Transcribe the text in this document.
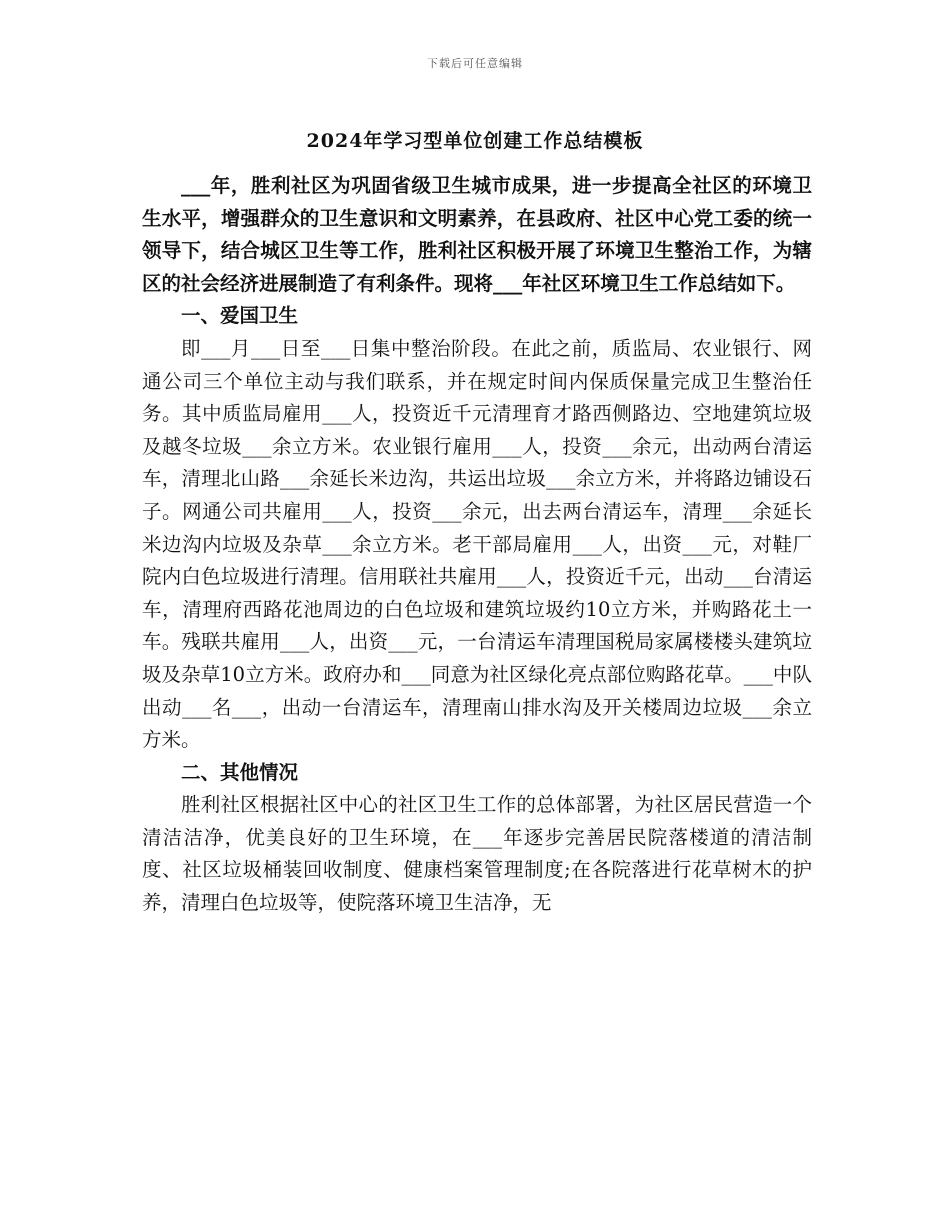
下载后可任意编辑
2024年学习型单位创建工作总结模板

___年，胜利社区为巩固省级卫生城市成果，进一步提高全社区的环境卫生水平，增强群众的卫生意识和文明素养，在县政府、社区中心党工委的统一领导下，结合城区卫生等工作，胜利社区积极开展了环境卫生整治工作，为辖区的社会经济进展制造了有利条件。现将___年社区环境卫生工作总结如下。

一、爱国卫生

即___月___日至___日集中整治阶段。在此之前，质监局、农业银行、网通公司三个单位主动与我们联系，并在规定时间内保质保量完成卫生整治任务。其中质监局雇用___人，投资近千元清理育才路西侧路边、空地建筑垃圾及越冬垃圾___余立方米。农业银行雇用___人，投资___余元，出动两台清运车，清理北山路___余延长米边沟，共运出垃圾___余立方米，并将路边铺设石子。网通公司共雇用___人，投资___余元，出去两台清运车，清理___余延长米边沟内垃圾及杂草___余立方米。老干部局雇用___人，出资___元，对鞋厂院内白色垃圾进行清理。信用联社共雇用___人，投资近千元，出动___台清运车，清理府西路花池周边的白色垃圾和建筑垃圾约10立方米，并购路花土一车。残联共雇用___人，出资___元，一台清运车清理国税局家属楼楼头建筑垃圾及杂草10立方米。政府办和___同意为社区绿化亮点部位购路花草。___中队出动___名___，出动一台清运车，清理南山排水沟及开关楼周边垃圾___余立方米。

二、其他情况

胜利社区根据社区中心的社区卫生工作的总体部署，为社区居民营造一个清洁洁净，优美良好的卫生环境，在___年逐步完善居民院落楼道的清洁制度、社区垃圾桶装回收制度、健康档案管理制度;在各院落进行花草树木的护养，清理白色垃圾等，使院落环境卫生洁净，无
